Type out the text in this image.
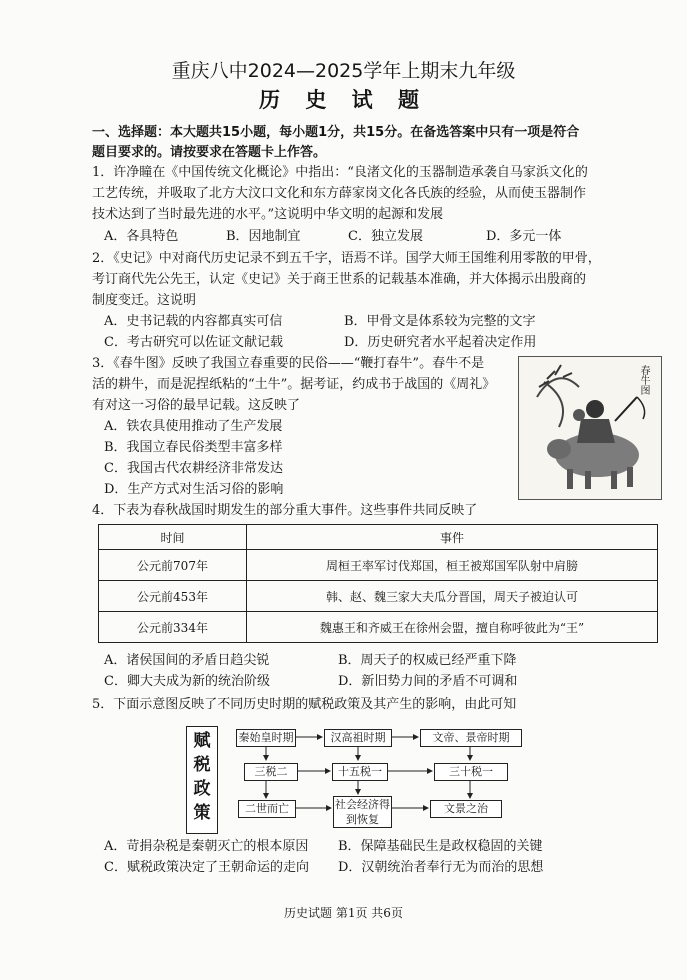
重庆八中2024—2025学年上期末九年级
历 史 试 题
一、选择题：本大题共15小题，每小题1分，共15分。在备选答案中只有一项是符合
题目要求的。请按要求在答题卡上作答。
1．许净瞳在《中国传统文化概论》中指出：“良渚文化的玉器制造承袭自马家浜文化的
工艺传统，并吸取了北方大汶口文化和东方薛家岗文化各氏族的经验，从而使玉器制作
技术达到了当时最先进的水平。”这说明中华文明的起源和发展
A．各具特色	B．因地制宜	C．独立发展	D．多元一体
2．《史记》中对商代历史记录不到五千字，语焉不详。国学大师王国维利用零散的甲骨，
考订商代先公先王，认定《史记》关于商王世系的记载基本准确，并大体揭示出殷商的
制度变迁。这说明
A．史书记载的内容都真实可信	B．甲骨文是体系较为完整的文字
C．考古研究可以佐证文献记载	D．历史研究者水平起着决定作用
3．《春牛图》反映了我国立春重要的民俗——“鞭打春牛”。春牛不是
活的耕牛，而是泥捏纸粘的“土牛”。据考证，约成书于战国的《周礼》
有对这一习俗的最早记载。这反映了
A．铁农具使用推动了生产发展
B．我国立春民俗类型丰富多样
C．我国古代农耕经济非常发达
D．生产方式对生活习俗的影响
春牛图
4．下表为春秋战国时期发生的部分重大事件。这些事件共同反映了
时间	事件
公元前707年	周桓王率军讨伐郑国，桓王被郑国军队射中肩膀
公元前453年	韩、赵、魏三家大夫瓜分晋国，周天子被迫认可
公元前334年	魏惠王和齐威王在徐州会盟，擅自称呼彼此为“王”
A．诸侯国间的矛盾日趋尖锐	B．周天子的权威已经严重下降
C．卿大夫成为新的统治阶级	D．新旧势力间的矛盾不可调和
5．下面示意图反映了不同历史时期的赋税政策及其产生的影响，由此可知
赋税政策
秦始皇时期	汉高祖时期	文帝、景帝时期
三税二	十五税一	三十税一
二世而亡	社会经济得到恢复
文景之治
A．苛捐杂税是秦朝灭亡的根本原因 B．保障基础民生是政权稳固的关键
C．赋税政策决定了王朝命运的走向 D．汉朝统治者奉行无为而治的思想
历史试题 第1页 共6页
